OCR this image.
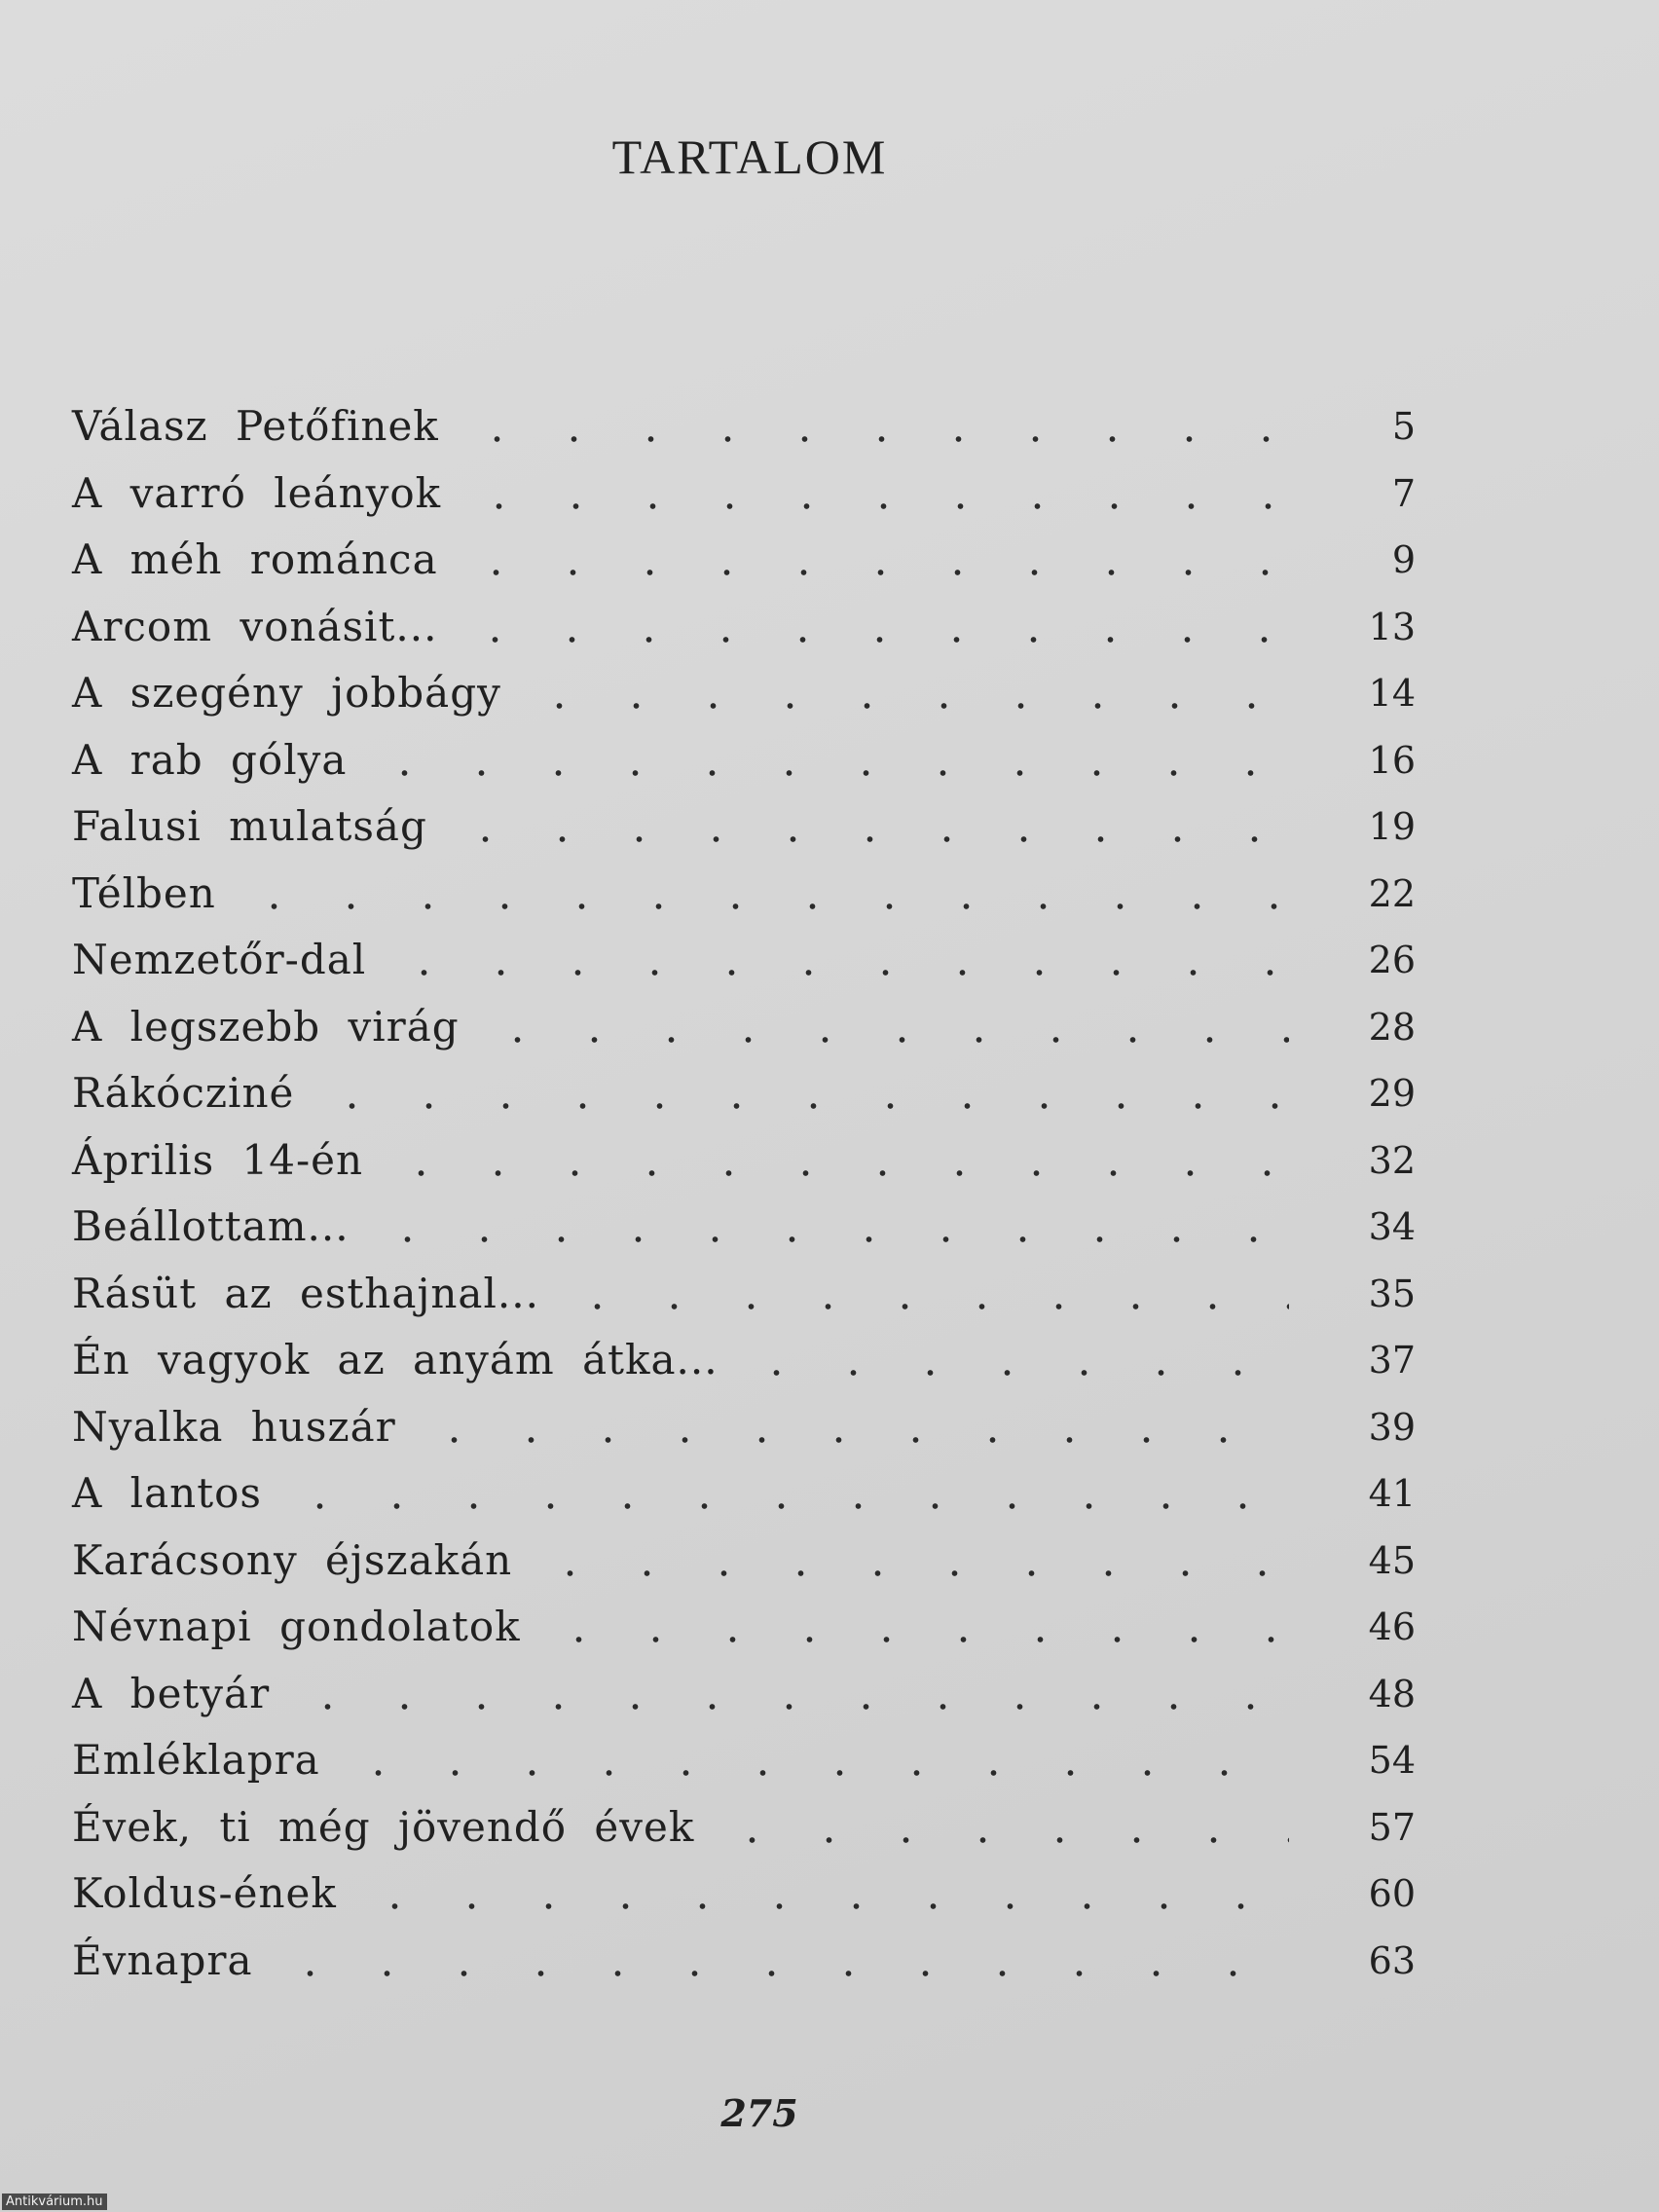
TARTALOM
Válasz Petőfinek	5
A varró leányok	7
A méh románca	9
Arcom vonásit...	13
A szegény jobbágy	14
A rab gólya	16
Falusi mulatság	19
Télben	22
Nemzetőr-dal	26
A legszebb virág	28
Rákócziné	29
Április 14-én	32
Beállottam...	34
Rásüt az esthajnal...	35
Én vagyok az anyám átka...	37
Nyalka huszár	39
A lantos	41
Karácsony éjszakán	45
Névnapi gondolatok	46
A betyár	48
Emléklapra	54
Évek, ti még jövendő évek	57
Koldus-ének	60
Évnapra	63
275
Antikvárium.hu
